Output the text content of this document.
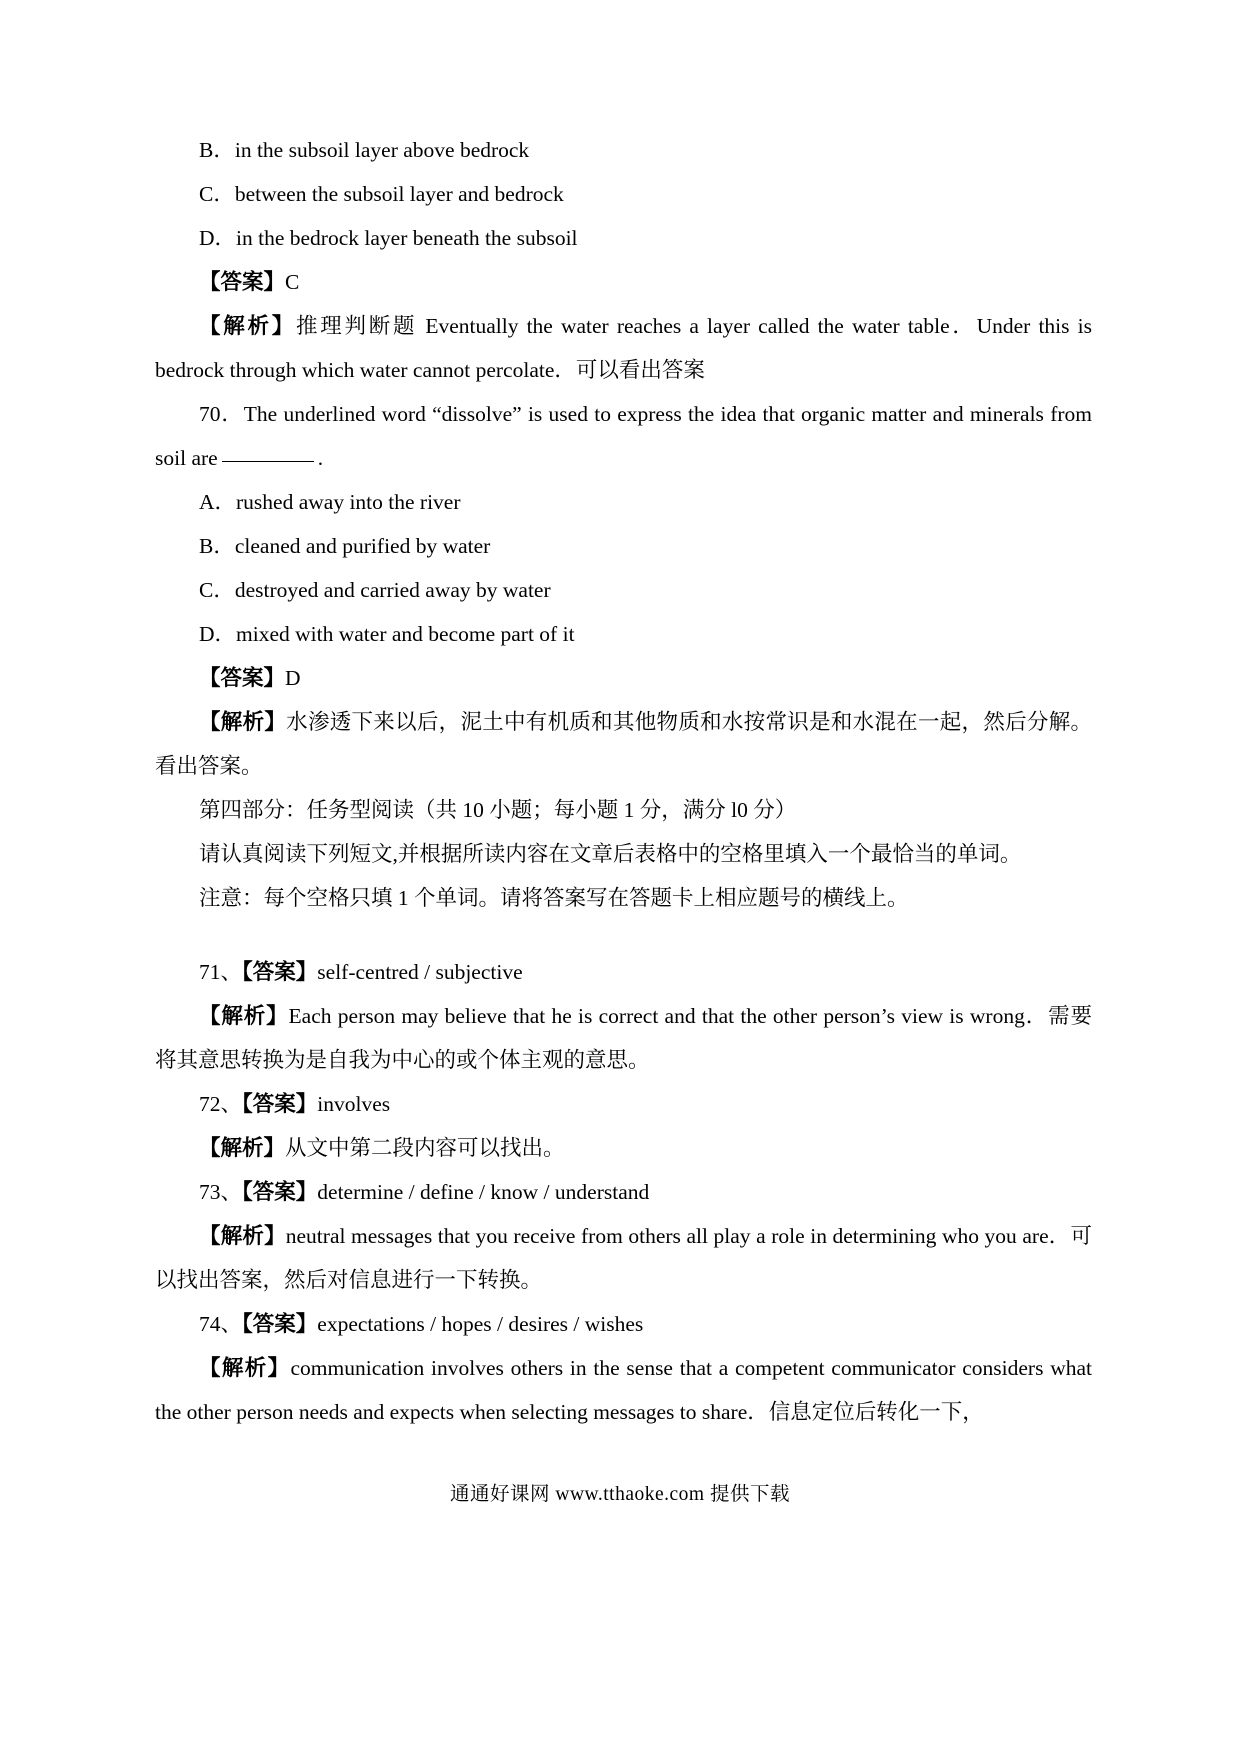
B．in the subsoil layer above bedrock

C．between the subsoil layer and bedrock

D．in the bedrock layer beneath the subsoil

【答案】C

【解析】推理判断题 Eventually the water reaches a layer called the water table．Under this is bedrock through which water cannot percolate．可以看出答案

70．The underlined word “dissolve” is used to express the idea that organic matter and minerals from soil are	.

A．rushed away into the river

B．cleaned and purified by water

C．destroyed and carried away by water

D．mixed with water and become part of it

【答案】D

【解析】水渗透下来以后，泥土中有机质和其他物质和水按常识是和水混在一起，然后分解。看出答案。

第四部分：任务型阅读（共 10 小题；每小题 1 分，满分 l0 分）

请认真阅读下列短文,并根据所读内容在文章后表格中的空格里填入一个最恰当的单词。

注意：每个空格只填 1 个单词。请将答案写在答题卡上相应题号的横线上。

71、【答案】self-centred / subjective

【解析】Each person may believe that he is correct and that the other person’s view is wrong．需要将其意思转换为是自我为中心的或个体主观的意思。

72、【答案】involves

【解析】从文中第二段内容可以找出。

73、【答案】determine / define / know / understand

【解析】neutral messages that you receive from others all play a role in determining who you are．可以找出答案，然后对信息进行一下转换。

74、【答案】expectations / hopes / desires / wishes

【解析】communication involves others in the sense that a competent communicator considers what the other person needs and expects when selecting messages to share．信息定位后转化一下，

通通好课网 www.tthaoke.com 提供下载
